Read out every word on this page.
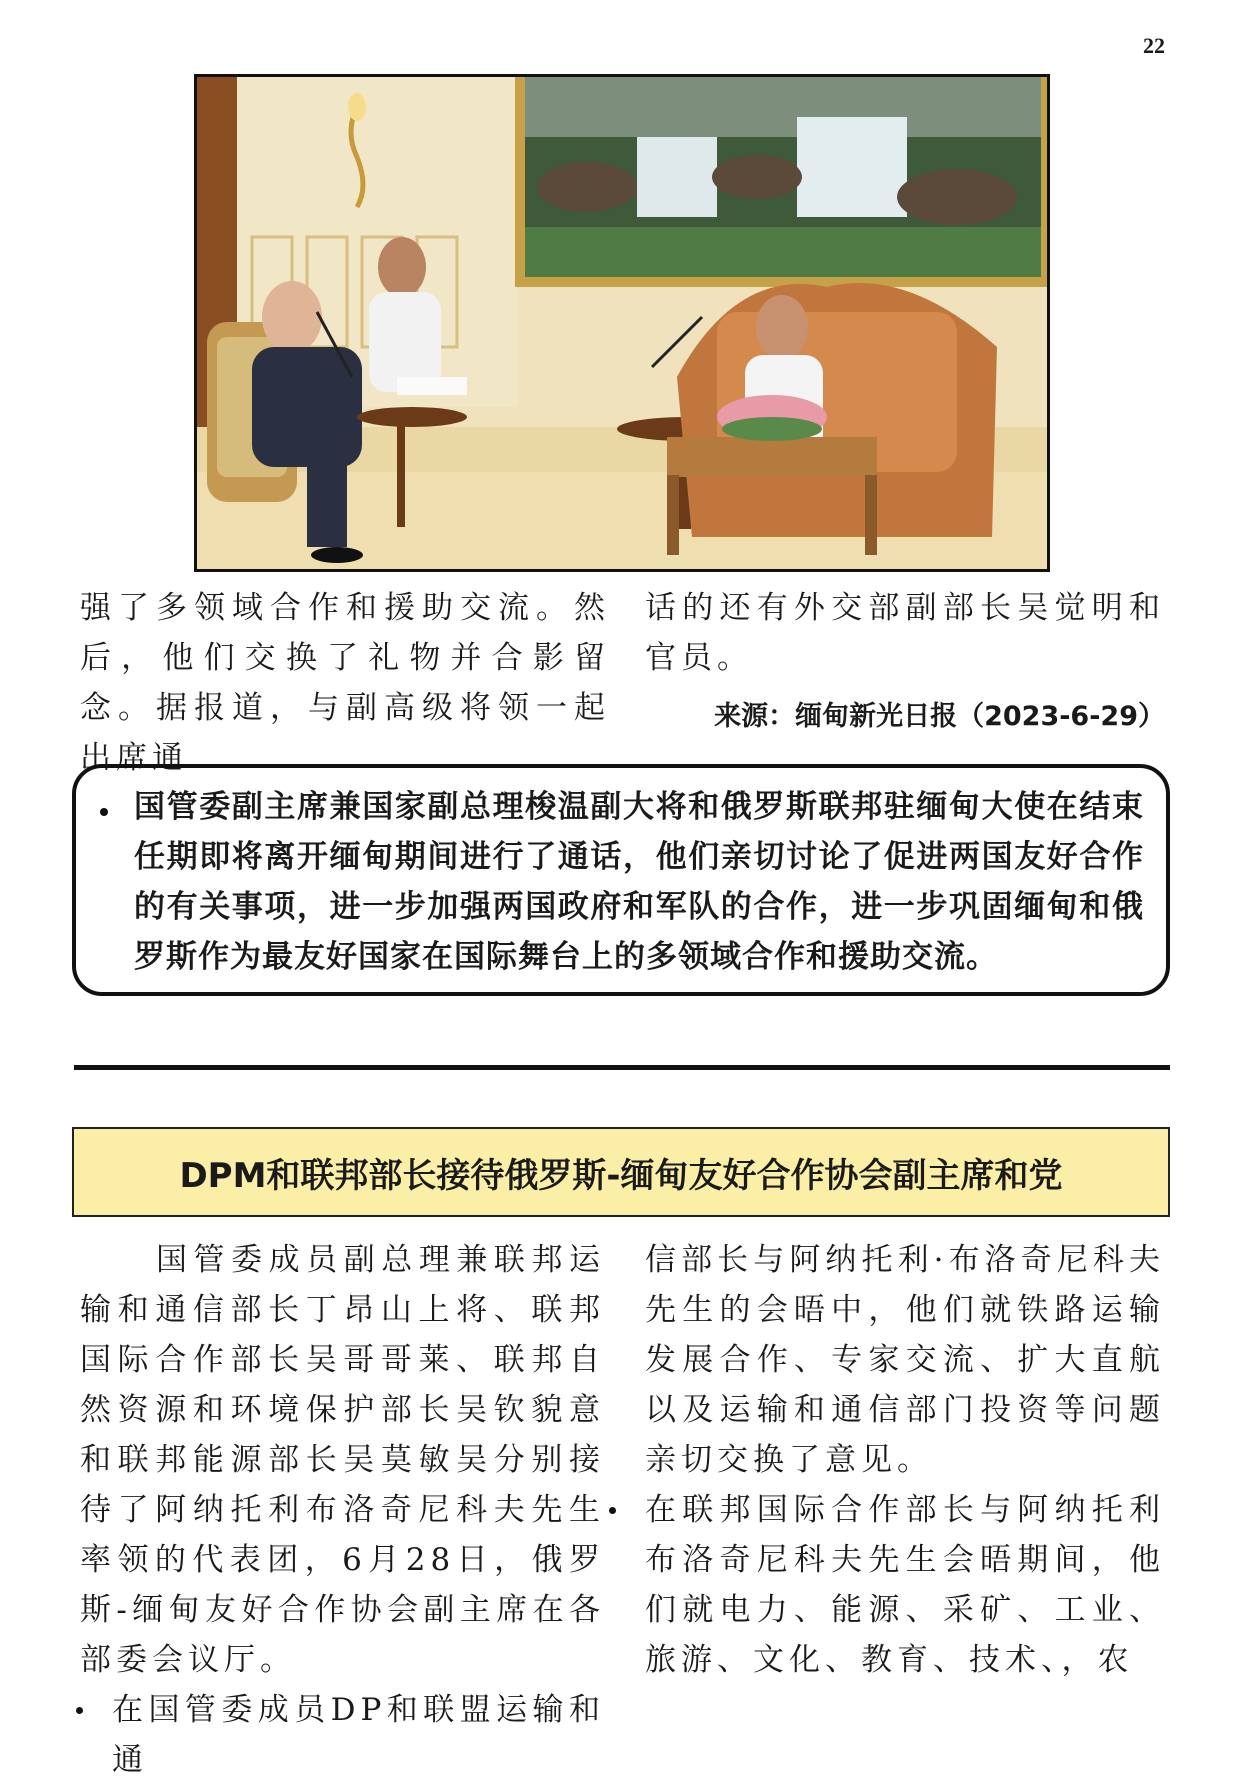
22
强了多领域合作和援助交流。然后，他们交换了礼物并合影留念。据报道，与副高级将领一起出席通
话的还有外交部副部长吴觉明和官员。
来源：缅甸新光日报（2023-6-29）

国管委副主席兼国家副总理梭温副大将和俄罗斯联邦驻缅甸大使在结束任期即将离开缅甸期间进行了通话，他们亲切讨论了促进两国友好合作的有关事项，进一步加强两国政府和军队的合作，进一步巩固缅甸和俄罗斯作为最友好国家在国际舞台上的多领域合作和援助交流。

DPM和联邦部长接待俄罗斯-缅甸友好合作协会副主席和党

国管委成员副总理兼联邦运输和通信部长丁昂山上将、联邦国际合作部长吴哥哥莱、联邦自然资源和环境保护部长吴钦貌意和联邦能源部长吴莫敏吴分别接待了阿纳托利布洛奇尼科夫先生率领的代表团，6月28日，俄罗斯-缅甸友好合作协会副主席在各部委会议厅。

在国管委成员DP和联盟运输和通

信部长与阿纳托利·布洛奇尼科夫先生的会晤中，他们就铁路运输发展合作、专家交流、扩大直航以及运输和通信部门投资等问题亲切交换了意见。

在联邦国际合作部长与阿纳托利布洛奇尼科夫先生会晤期间，他们就电力、能源、采矿、工业、旅游、文化、教育、技术、，农
